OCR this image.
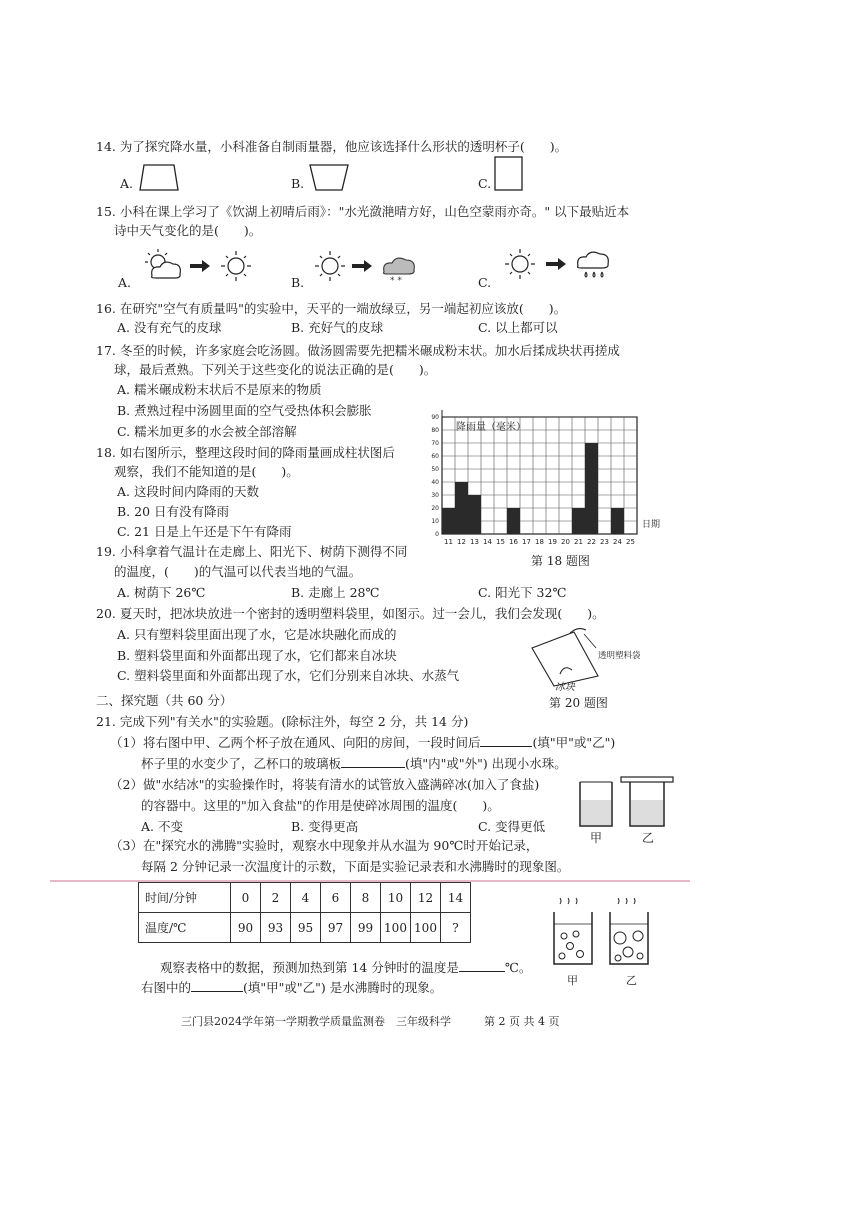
14. 为了探究降水量，小科准备自制雨量器，他应该选择什么形状的透明杯子(　　)。
A.	B.	C.
15. 小科在课上学习了《饮湖上初晴后雨》："水光潋滟晴方好，山色空蒙雨亦奇。" 以下最贴近本
诗中天气变化的是(　　)。
A.	B.	* *	C.
16. 在研究"空气有质量吗"的实验中，天平的一端放绿豆，另一端起初应该放(　　)。
A. 没有充气的皮球	B. 充好气的皮球	C. 以上都可以
17. 冬至的时候，许多家庭会吃汤圆。做汤圆需要先把糯米碾成粉末状。加水后揉成块状再搓成
球，最后煮熟。下列关于这些变化的说法正确的是(　　)。
A. 糯米碾成粉末状后不是原来的物质
B. 煮熟过程中汤圆里面的空气受热体积会膨胀
C. 糯米加更多的水会被全部溶解
18. 如右图所示，整理这段时间的降雨量画成柱状图后
观察，我们不能知道的是(　　)。
A. 这段时间内降雨的天数
B. 20 日有没有降雨
C. 21 日是上午还是下午有降雨	0
10
20
30
40
50
60
70
80
90
11 12 13 14 15 16 17 18 19 20 21 22 23 24 25
降雨量（毫米）
日期
第 18 题图
19. 小科拿着气温计在走廊上、阳光下、树荫下测得不同
的温度，(　　)的气温可以代表当地的气温。
A. 树荫下 26℃	B. 走廊上 28℃	C. 阳光下 32℃
20. 夏天时，把冰块放进一个密封的透明塑料袋里，如图示。过一会儿，我们会发现(　　)。
A. 只有塑料袋里面出现了水，它是冰块融化而成的
B. 塑料袋里面和外面都出现了水，它们都来自冰块
C. 塑料袋里面和外面都出现了水，它们分别来自冰块、水蒸气
透明塑料袋
冰块
第 20 题图
二、探究题（共 60 分）
21. 完成下列"有关水"的实验题。(除标注外，每空 2 分，共 14 分)
（1）将右图中甲、乙两个杯子放在通风、向阳的房间，一段时间后	(填"甲"或"乙")
杯子里的水变少了，乙杯口的玻璃板	(填"内"或"外") 出现小水珠。
（2）做"水结冰"的实验操作时，将装有清水的试管放入盛满碎冰(加入了食盐)
的容器中。这里的"加入食盐"的作用是使碎冰周围的温度(　　)。
A. 不变	B. 变得更高	C. 变得更低
甲	乙
（3）在"探究水的沸腾"实验时，观察水中现象并从水温为 90℃时开始记录，
每隔 2 分钟记录一次温度计的示数，下面是实验记录表和水沸腾时的现象图。
时间/分钟	0	2	4	6	8	10	12	14
温度/℃	90	93	95	97	99	100	100	?
甲	乙
观察表格中的数据，预测加热到第 14 分钟时的温度是	℃。
右图中的	(填"甲"或"乙") 是水沸腾时的现象。
三门县2024学年第一学期教学质量监测卷　三年级科学	第 2 页 共 4 页
